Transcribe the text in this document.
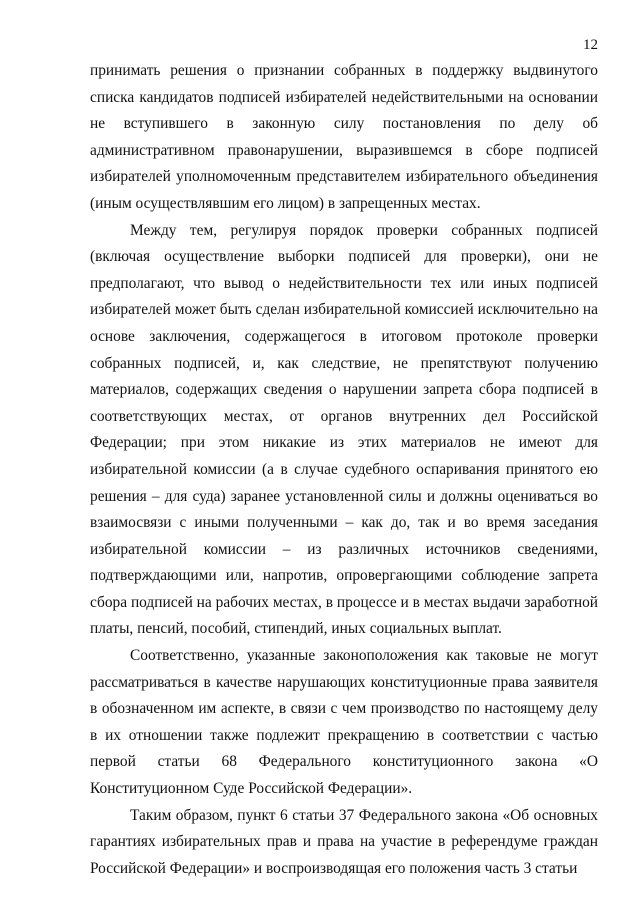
12

принимать решения о признании собранных в поддержку выдвинутого списка кандидатов подписей избирателей недействительными на основании не вступившего в законную силу постановления по делу об административном правонарушении, выразившемся в сборе подписей избирателей уполномоченным представителем избирательного объединения (иным осуществлявшим его лицом) в запрещенных местах.

Между тем, регулируя порядок проверки собранных подписей (включая осуществление выборки подписей для проверки), они не предполагают, что вывод о недействительности тех или иных подписей избирателей может быть сделан избирательной комиссией исключительно на основе заключения, содержащегося в итоговом протоколе проверки собранных подписей, и, как следствие, не препятствуют получению материалов, содержащих сведения о нарушении запрета сбора подписей в соответствующих местах, от органов внутренних дел Российской Федерации; при этом никакие из этих материалов не имеют для избирательной комиссии (а в случае судебного оспаривания принятого ею решения – для суда) заранее установленной силы и должны оцениваться во взаимосвязи с иными полученными – как до, так и во время заседания избирательной комиссии – из различных источников сведениями, подтверждающими или, напротив, опровергающими соблюдение запрета сбора подписей на рабочих местах, в процессе и в местах выдачи заработной платы, пенсий, пособий, стипендий, иных социальных выплат.

Соответственно, указанные законоположения как таковые не могут рассматриваться в качестве нарушающих конституционные права заявителя в обозначенном им аспекте, в связи с чем производство по настоящему делу в их отношении также подлежит прекращению в соответствии с частью первой статьи 68 Федерального конституционного закона «О Конституционном Суде Российской Федерации».

Таким образом, пункт 6 статьи 37 Федерального закона «Об основных гарантиях избирательных прав и права на участие в референдуме граждан Российской Федерации» и воспроизводящая его положения часть 3 статьи
